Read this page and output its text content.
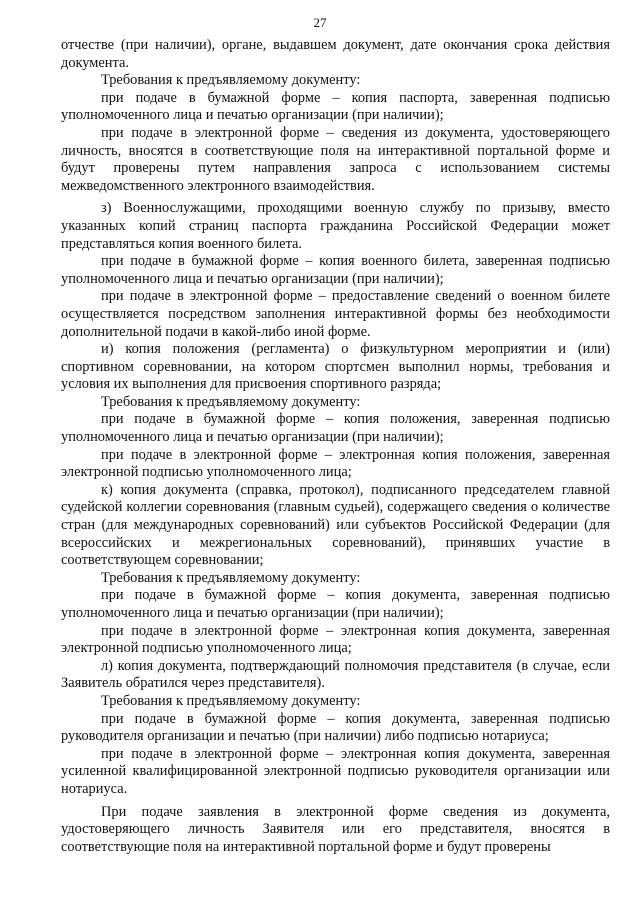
27

отчестве (при наличии), органе, выдавшем документ, дате окончания срока действия документа.

Требования к предъявляемому документу:

при подаче в бумажной форме – копия паспорта, заверенная подписью уполномоченного лица и печатью организации (при наличии);

при подаче в электронной форме – сведения из документа, удостоверяющего личность, вносятся в соответствующие поля на интерактивной портальной форме и будут проверены путем направления запроса с использованием системы межведомственного электронного взаимодействия.

з) Военнослужащими, проходящими военную службу по призыву, вместо указанных копий страниц паспорта гражданина Российской Федерации может представляться копия военного билета.

при подаче в бумажной форме – копия военного билета, заверенная подписью уполномоченного лица и печатью организации (при наличии);

при подаче в электронной форме – предоставление сведений о военном билете осуществляется посредством заполнения интерактивной формы без необходимости дополнительной подачи в какой-либо иной форме.

и) копия положения (регламента) о физкультурном мероприятии и (или) спортивном соревновании, на котором спортсмен выполнил нормы, требования и условия их выполнения для присвоения спортивного разряда;

Требования к предъявляемому документу:

при подаче в бумажной форме – копия положения, заверенная подписью уполномоченного лица и печатью организации (при наличии);

при подаче в электронной форме – электронная копия положения, заверенная электронной подписью уполномоченного лица;

к) копия документа (справка, протокол), подписанного председателем главной судейской коллегии соревнования (главным судьей), содержащего сведения о количестве стран (для международных соревнований) или субъектов Российской Федерации (для всероссийских и межрегиональных соревнований), принявших участие в соответствующем соревновании;

Требования к предъявляемому документу:

при подаче в бумажной форме – копия документа, заверенная подписью уполномоченного лица и печатью организации (при наличии);

при подаче в электронной форме – электронная копия документа, заверенная электронной подписью уполномоченного лица;

л) копия документа, подтверждающий полномочия представителя (в случае, если Заявитель обратился через представителя).

Требования к предъявляемому документу:

при подаче в бумажной форме – копия документа, заверенная подписью руководителя организации и печатью (при наличии) либо подписью нотариуса;

при подаче в электронной форме – электронная копия документа, заверенная усиленной квалифицированной электронной подписью руководителя организации или нотариуса.

При подаче заявления в электронной форме сведения из документа, удостоверяющего личность Заявителя или его представителя, вносятся в соответствующие поля на интерактивной портальной форме и будут проверены
